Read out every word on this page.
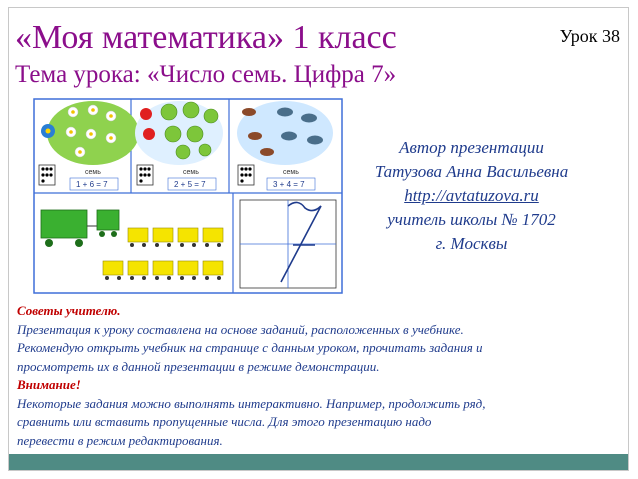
«Моя математика» 1 класс	Урок 38
Тема урока: «Число семь. Цифра 7»
семь
1 + 6 = 7
семь
2 + 5 = 7
семь
3 + 4 = 7
Автор презентации
Татузова Анна Васильевна
http://avtatuzova.ru
учитель школы № 1702
г. Москвы
Советы учителю.
Презентация к уроку составлена на основе заданий, расположенных в учебнике.
Рекомендую открыть учебник на странице с данным уроком, прочитать задания и
просмотреть их в данной презентации в режиме демонстрации.
Внимание!
Некоторые задания можно выполнять интерактивно. Например, продолжить ряд,
сравнить или вставить пропущенные числа. Для этого презентацию надо
перевести в режим редактирования.
